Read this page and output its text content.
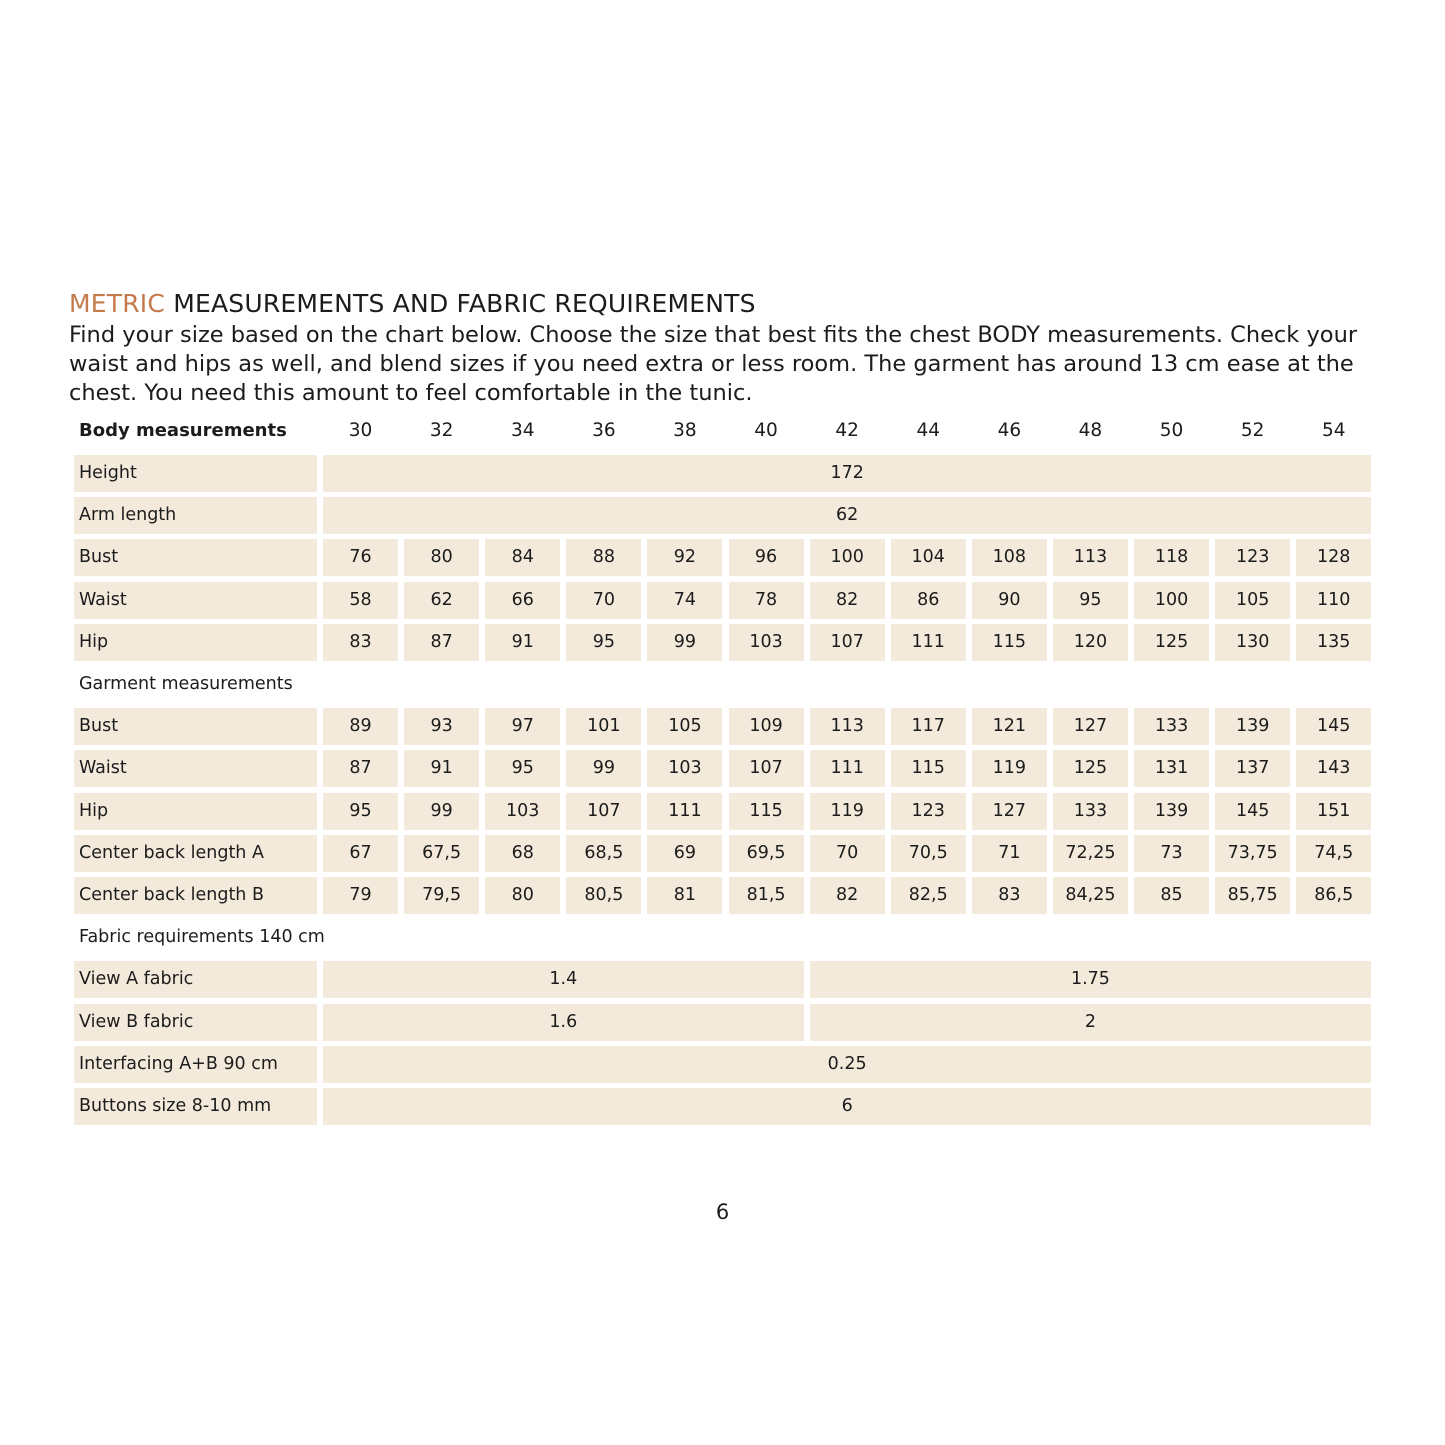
METRIC MEASUREMENTS AND FABRIC REQUIREMENTS

Find your size based on the chart below. Choose the size that best fits the chest BODY measurements. Check your waist and hips as well, and blend sizes if you need extra or less room. The garment has around 13 cm ease at the chest. You need this amount to feel comfortable in the tunic.

Body measurements	30	32	34	36	38	40	42	44	46	48	50	52	54
Height	172
Arm length	62
Bust	76	80	84	88	92	96	100	104	108	113	118	123	128
Waist	58	62	66	70	74	78	82	86	90	95	100	105	110
Hip	83	87	91	95	99	103	107	111	115	120	125	130	135
Garment measurements
Bust	89	93	97	101	105	109	113	117	121	127	133	139	145
Waist	87	91	95	99	103	107	111	115	119	125	131	137	143
Hip	95	99	103	107	111	115	119	123	127	133	139	145	151
Center back length A	67	67,5	68	68,5	69	69,5	70	70,5	71	72,25	73	73,75	74,5
Center back length B	79	79,5	80	80,5	81	81,5	82	82,5	83	84,25	85	85,75	86,5
Fabric requirements 140 cm
View A fabric	1.4	1.75
View B fabric	1.6	2
Interfacing A+B 90 cm	0.25
Buttons size 8-10 mm	6
6
